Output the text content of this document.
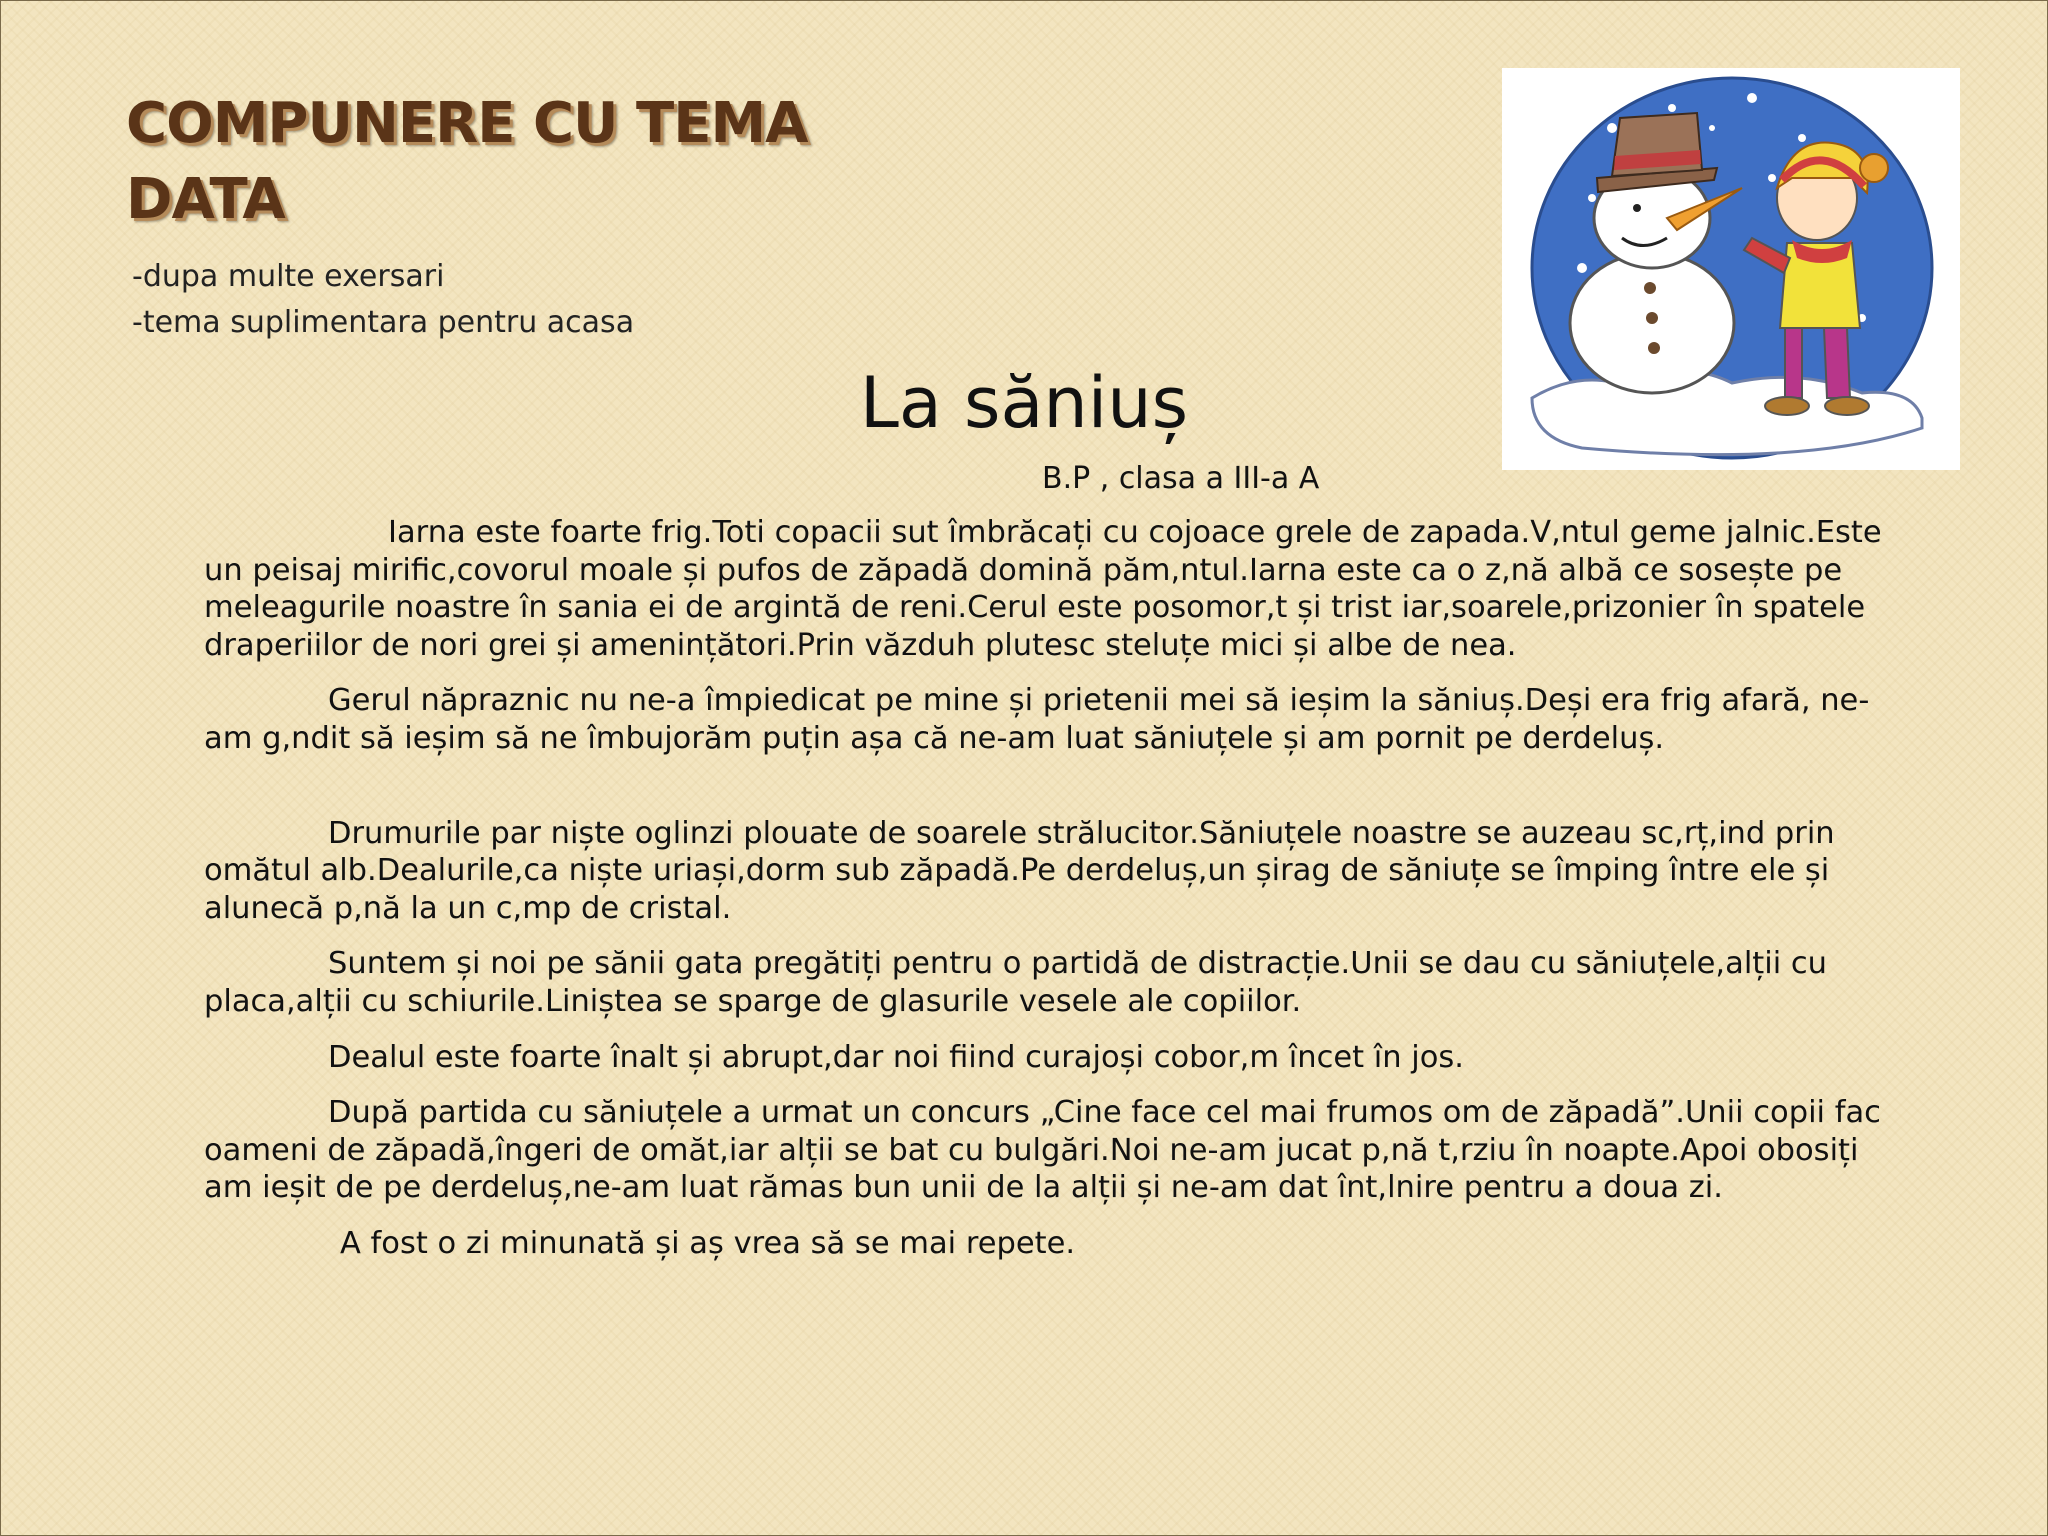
COMPUNERE CU TEMA
DATA
-dupa multe exersari
-tema suplimentara pentru acasa
La săniuș
B.P , clasa a III-a A

Iarna este foarte frig.Toti copacii sut îmbrăcați cu cojoace grele de zapada.V,ntul geme jalnic.Este un peisaj mirific,covorul moale și pufos de zăpadă domină păm,ntul.Iarna este ca o z,nă albă ce sosește pe meleagurile noastre în sania ei de argintă de reni.Cerul este posomor,t și trist iar,soarele,prizonier în spatele draperiilor de nori grei și amenințători.Prin văzduh plutesc steluțe mici și albe de nea.

Gerul năpraznic nu ne-a împiedicat pe mine și prietenii mei să ieșim la săniuș.Deși era frig afară, ne-am g,ndit să ieșim să ne îmbujorăm puțin așa că ne-am luat săniuțele și am pornit pe derdeluș.

Drumurile par niște oglinzi plouate de soarele strălucitor.Săniuțele noastre se auzeau sc,rț,ind prin omătul alb.Dealurile,ca niște uriași,dorm sub zăpadă.Pe derdeluș,un șirag de săniuțe se împing între ele și alunecă p,nă la un c,mp de cristal.

Suntem și noi pe sănii gata pregătiți pentru o partidă de distracție.Unii se dau cu săniuțele,alții cu placa,alții cu schiurile.Liniștea se sparge de glasurile vesele ale copiilor.

Dealul este foarte înalt și abrupt,dar noi fiind curajoși cobor,m încet în jos.

După partida cu săniuțele a urmat un concurs „Cine face cel mai frumos om de zăpadă”.Unii copii fac oameni de zăpadă,îngeri de omăt,iar alții se bat cu bulgări.Noi ne-am jucat p,nă t,rziu în noapte.Apoi obosiți am ieșit de pe derdeluș,ne-am luat rămas bun unii de la alții și ne-am dat înt,lnire pentru a doua zi.

A fost o zi minunată și aș vrea să se mai repete.
